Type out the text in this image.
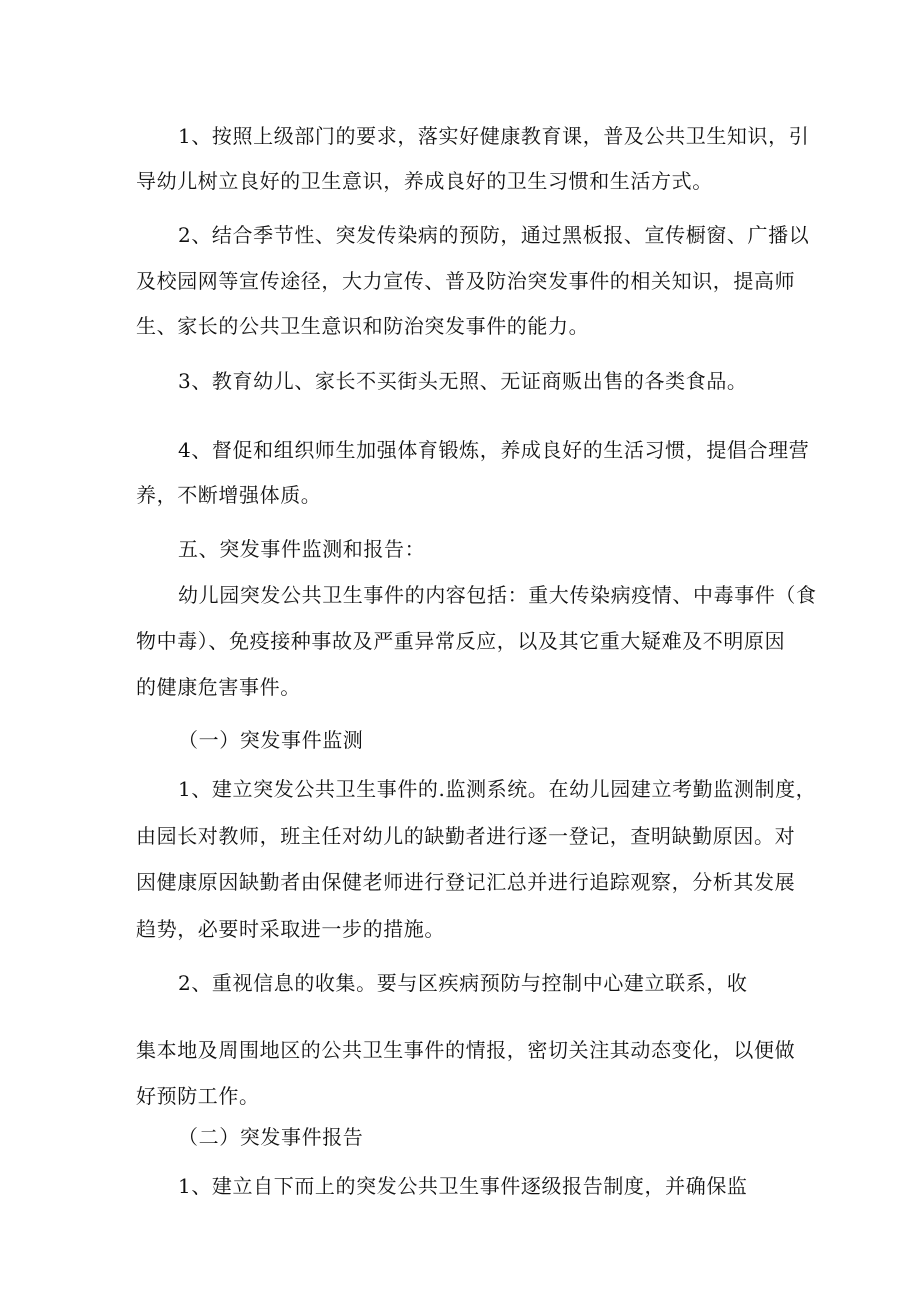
1、按照上级部门的要求，落实好健康教育课，普及公共卫生知识，引
导幼儿树立良好的卫生意识，养成良好的卫生习惯和生活方式。
2、结合季节性、突发传染病的预防，通过黑板报、宣传橱窗、广播以
及校园网等宣传途径，大力宣传、普及防治突发事件的相关知识，提高师
生、家长的公共卫生意识和防治突发事件的能力。
3、教育幼儿、家长不买街头无照、无证商贩出售的各类食品。
4、督促和组织师生加强体育锻炼，养成良好的生活习惯，提倡合理营
养，不断增强体质。
五、突发事件监测和报告：
幼儿园突发公共卫生事件的内容包括：重大传染病疫情、中毒事件（食
物中毒）、免疫接种事故及严重异常反应，以及其它重大疑难及不明原因
的健康危害事件。
（一）突发事件监测
1、建立突发公共卫生事件的.监测系统。在幼儿园建立考勤监测制度，
由园长对教师，班主任对幼儿的缺勤者进行逐一登记，查明缺勤原因。对
因健康原因缺勤者由保健老师进行登记汇总并进行追踪观察，分析其发展
趋势，必要时采取进一步的措施。
2、重视信息的收集。要与区疾病预防与控制中心建立联系，收
集本地及周围地区的公共卫生事件的情报，密切关注其动态变化，以便做
好预防工作。
（二）突发事件报告
1、建立自下而上的突发公共卫生事件逐级报告制度，并确保监
